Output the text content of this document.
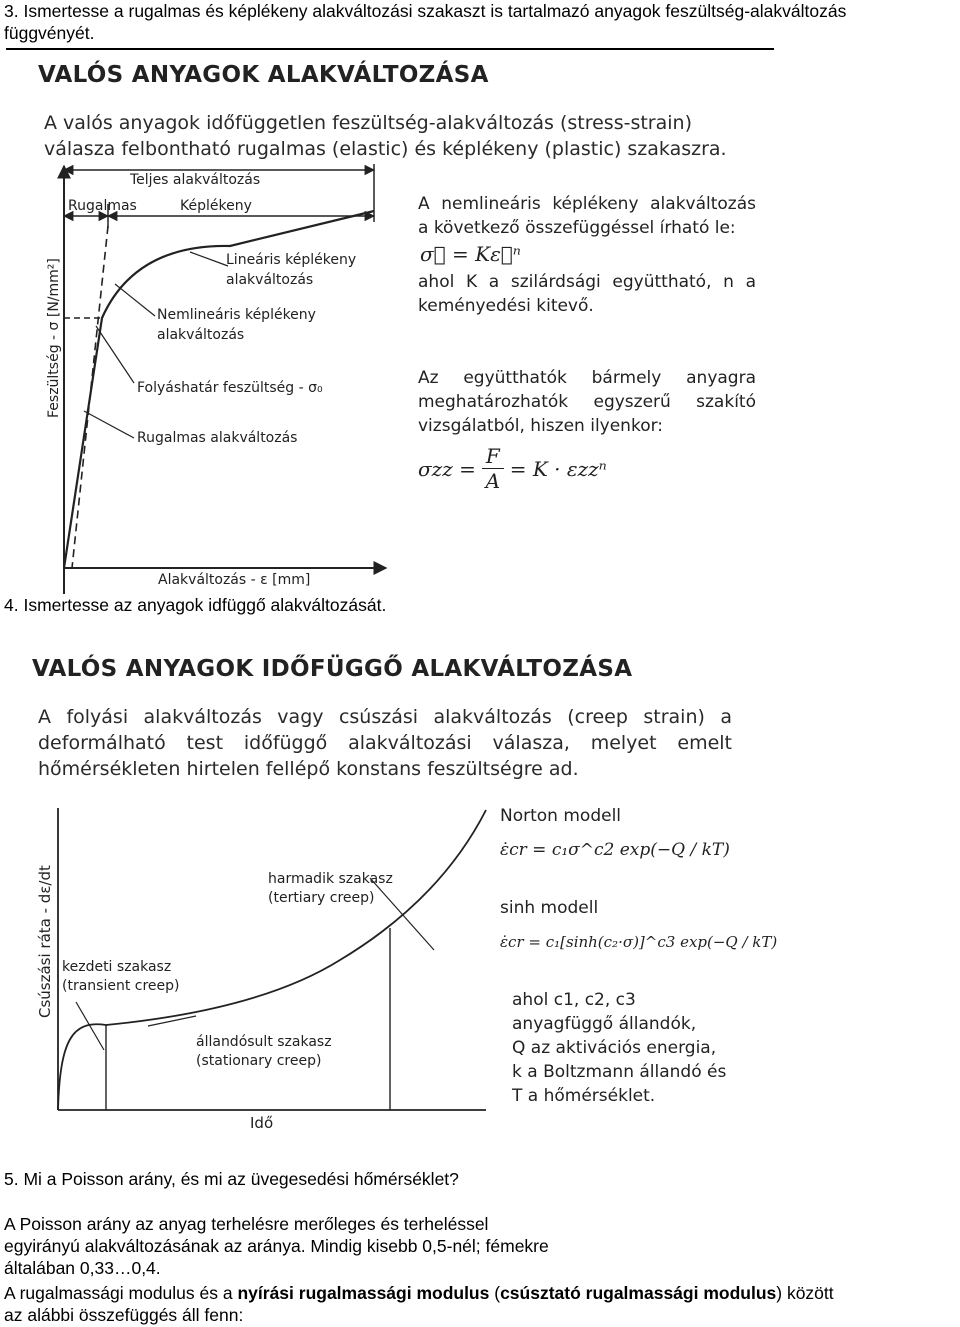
3. Ismertesse a rugalmas és képlékeny alakváltozási szakaszt is tartalmazó anyagok feszültség-alakváltozás
függvényét.
VALÓS ANYAGOK ALAKVÁLTOZÁSA
A valós anyagok időfüggetlen feszültség-alakváltozás (stress-strain)
válasza felbontható rugalmas (elastic) és képlékeny (plastic) szakaszra.
Teljes alakváltozás
Rugalmas	Képlékeny
Lineáris képlékeny
alakváltozás
Nemlineáris képlékeny
alakváltozás
Folyáshatár feszültség - σ₀
Rugalmas alakváltozás
Alakváltozás - ε [mm]
Feszültség - σ [N/mm²]
A nemlineáris képlékeny alakváltozás
a következő összefüggéssel írható le:
σ⃗ = Kε⃗ⁿ
ahol K a szilárdsági együttható, n a
keményedési kitevő.
Az együtthatók bármely anyagra
meghatározhatók egyszerű szakító
vizsgálatból, hiszen ilyenkor:
$\sigma zz = \frac{F}{A} = K \cdot \varepsilon zz^n$
4. Ismertesse az anyagok idfüggő alakváltozását.
VALÓS ANYAGOK IDŐFÜGGŐ ALAKVÁLTOZÁSA
A folyási alakváltozás vagy csúszási alakváltozás (creep strain) a
deformálható test időfüggő alakváltozási válasza, melyet emelt
hőmérsékleten hirtelen fellépő konstans feszültségre ad.
harmadik szakasz
(tertiary creep)
kezdeti szakasz
(transient creep)
állandósult szakasz
(stationary creep)
Idő
Csúszási ráta - dε/dt
Norton modell
ε̇cr = c₁σ^c2 exp(−Q / kT)
sinh modell
ε̇cr = c₁[sinh(c₂·σ)]^c3 exp(−Q / kT)
ahol c1, c2, c3
anyagfüggő állandók,
Q az aktivációs energia,
k a Boltzmann állandó és
T a hőmérséklet.
5. Mi a Poisson arány, és mi az üvegesedési hőmérséklet?
A Poisson arány az anyag terhelésre merőleges és terheléssel
egyirányú alakváltozásának az aránya. Mindig kisebb 0,5-nél; fémekre
általában 0,33…0,4.
A rugalmassági modulus és a nyírási rugalmassági modulus (csúsztató rugalmassági modulus) között
az alábbi összefüggés áll fenn:
